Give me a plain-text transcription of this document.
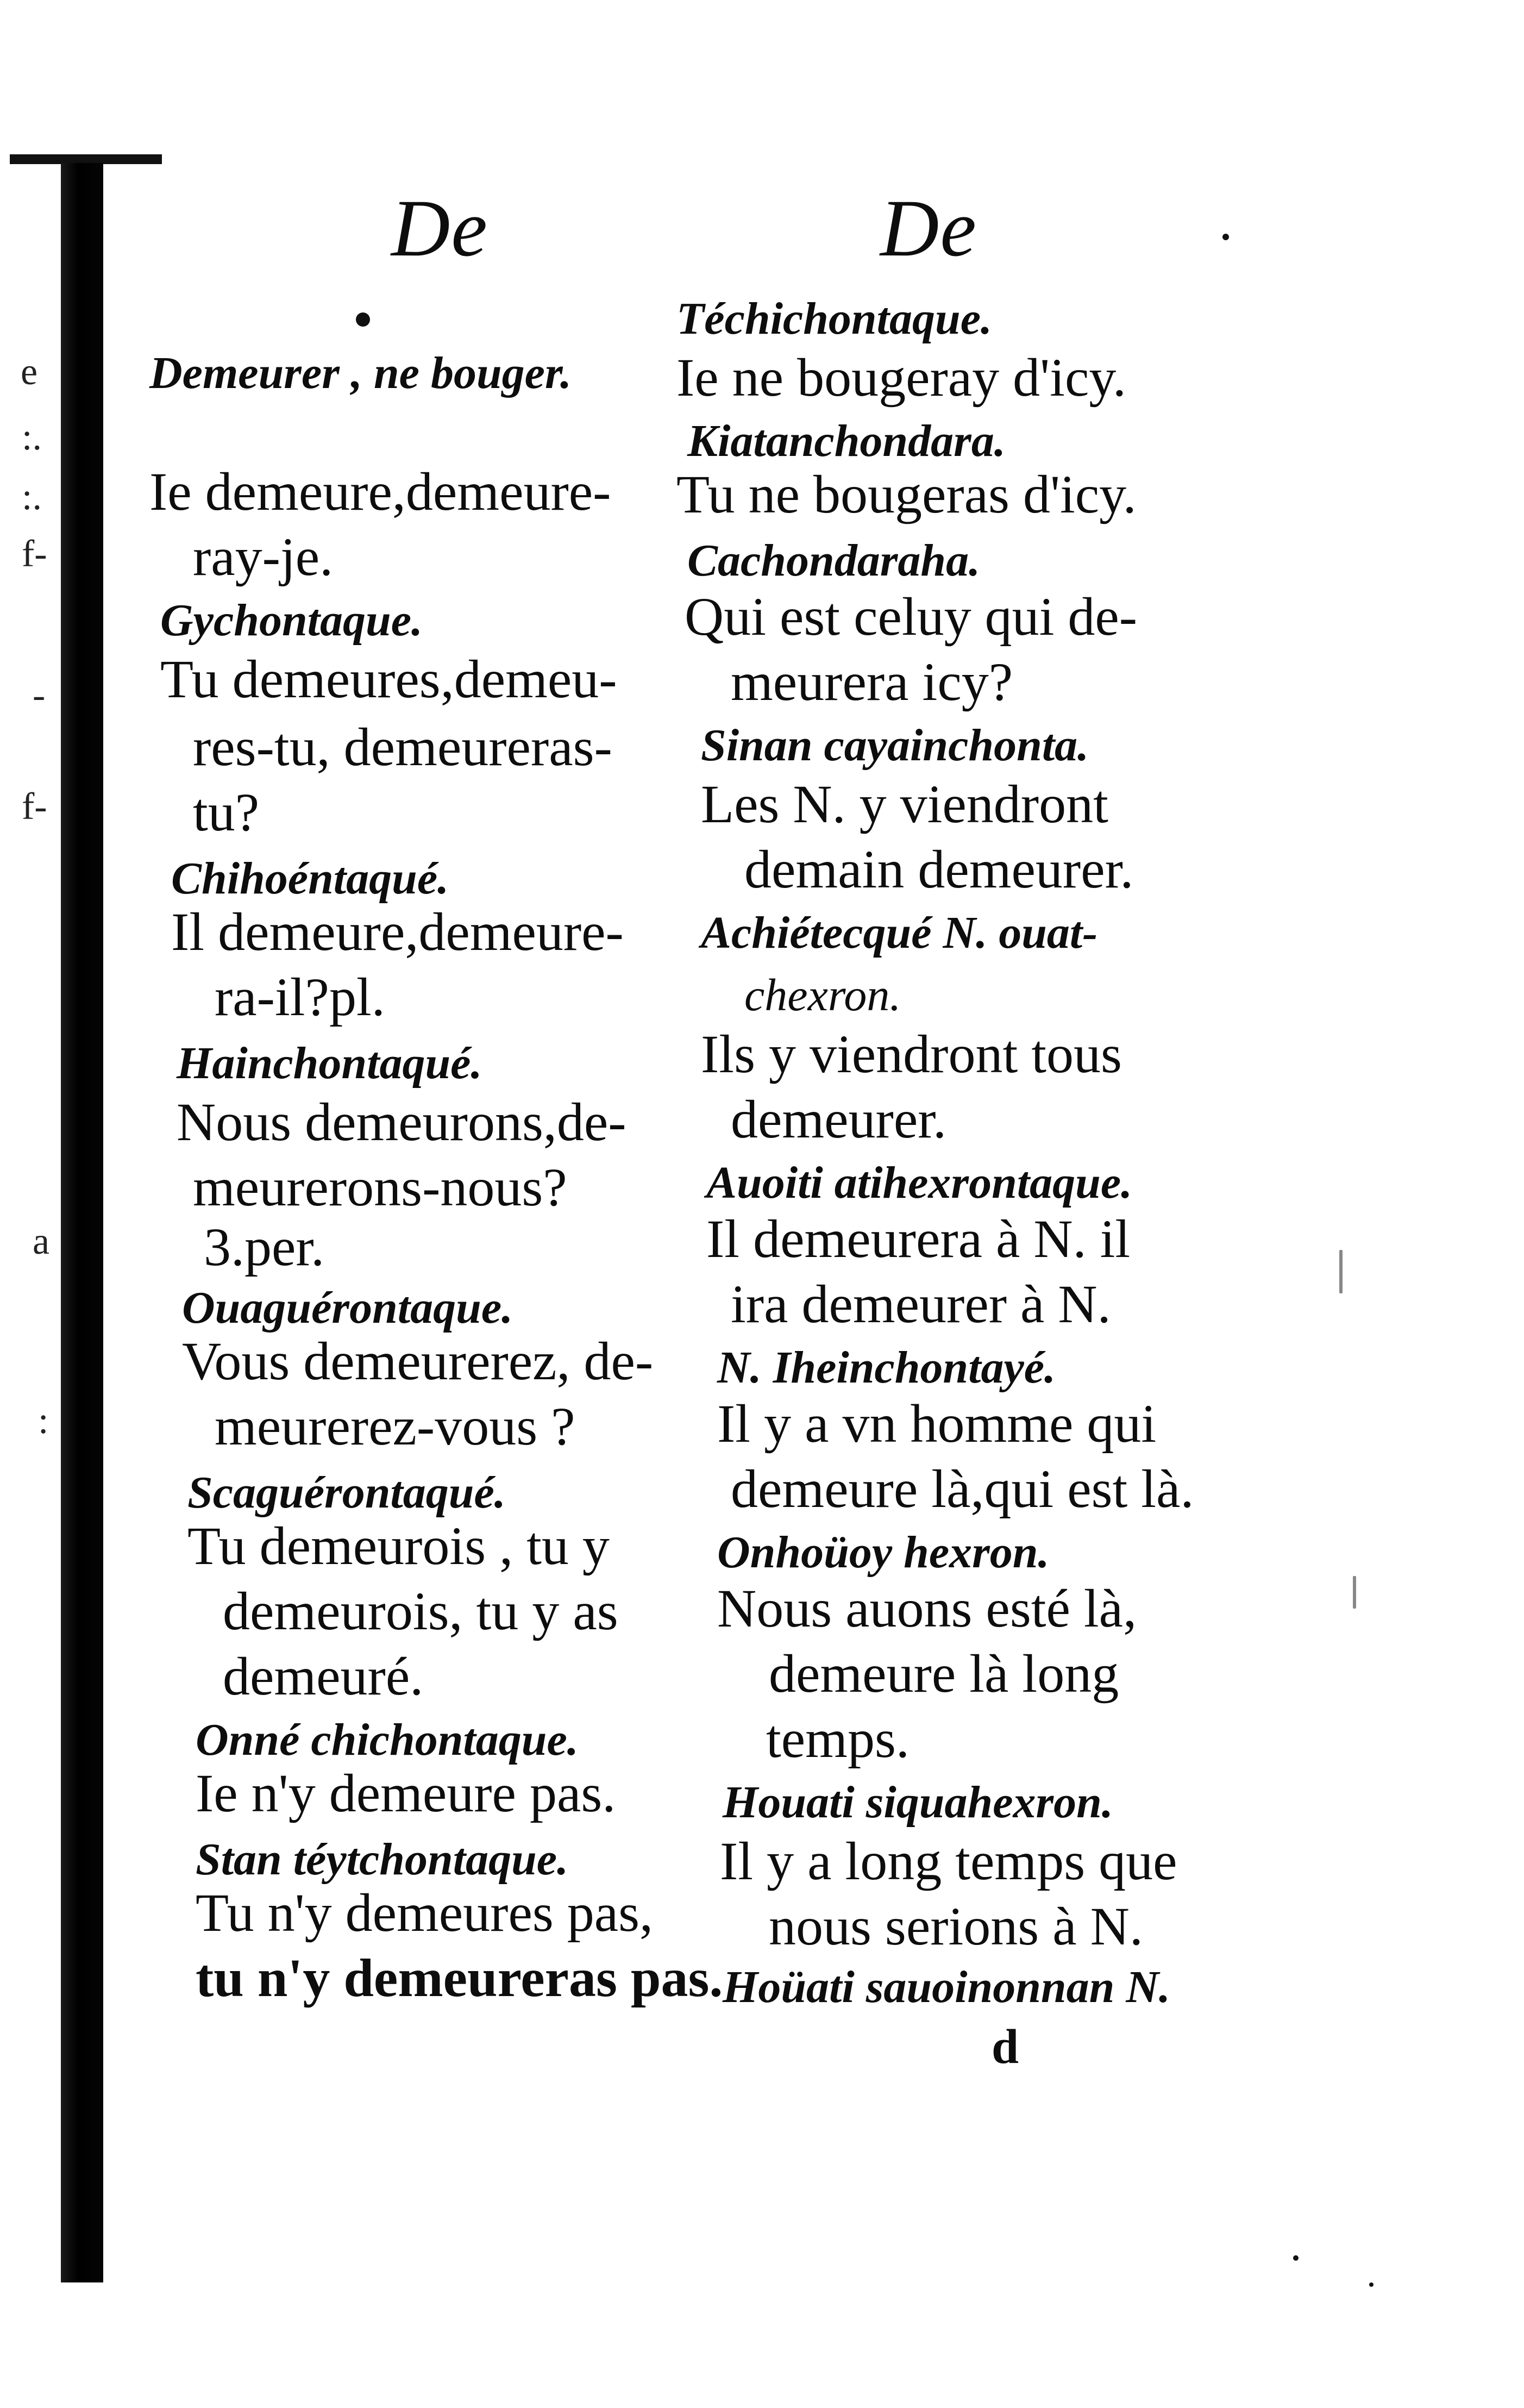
e
:.
:.
f-
-
f-
a
:
De	De
Demeurer , ne bouger.
Ie demeure,demeure-
ray-je.
Gychontaque.
Tu demeures,demeu-
res-tu, demeureras-
tu?
Chihoéntaqué.
Il demeure,demeure-
ra-il?pl.
Hainchontaqué.
Nous demeurons,de-
meurerons-nous?
3.per.
Ouaguérontaque.
Vous demeurerez, de-
meurerez-vous ?
Scaguérontaqué.
Tu demeurois , tu y
demeurois, tu y as
demeuré.
Onné chichontaque.
Ie n'y demeure pas.
Stan téytchontaque.
Tu n'y demeures pas,
tu n'y demeureras pas.
Téchichontaque.
Ie ne bougeray d'icy.
Kiatanchondara.
Tu ne bougeras d'icy.
Cachondaraha.
Qui est celuy qui de-
meurera icy?
Sinan cayainchonta.
Les N. y viendront
demain demeurer.
Achiétecqué N. ouat-
chexron.
Ils y viendront tous
demeurer.
Auoiti atihexrontaque.
Il demeurera à N. il
ira demeurer à N.
N. Iheinchontayé.
Il y a vn homme qui
demeure là,qui est là.
Onhoüoy hexron.
Nous auons esté là,
demeure là long
temps.
Houati siquahexron.
Il y a long temps que
nous serions à N.
Hoüati sauoinonnan N.
d
